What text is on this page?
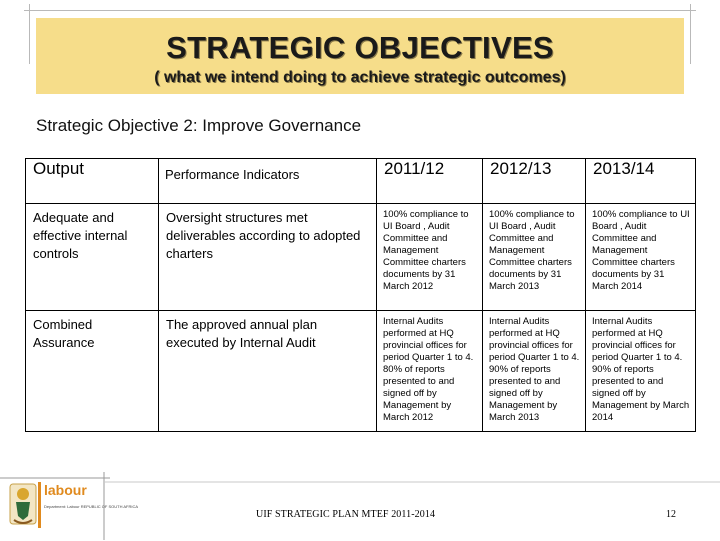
STRATEGIC OBJECTIVES
( what we intend doing to achieve strategic outcomes)
Strategic Objective 2: Improve Governance
Output	Performance Indicators	2011/12	2012/13	2013/14
Adequate and effective internal controls	Oversight structures met deliverables according to adopted charters	100% compliance to UI Board , Audit Committee and Management Committee charters documents by 31 March 2012	100% compliance to UI Board , Audit Committee and Management Committee charters documents by 31 March 2013	100% compliance to UI Board , Audit Committee and Management Committee charters documents by 31 March 2014
Combined Assurance	The approved annual plan executed by Internal Audit	Internal Audits performed at HQ provincial offices for period Quarter 1 to 4. 80% of reports presented to and signed off by Management by March 2012	Internal Audits performed at HQ provincial offices for period Quarter 1 to 4. 90% of reports presented to and signed off by Management by March 2013	Internal Audits performed at HQ provincial offices for period Quarter 1 to 4. 90% of reports presented to and signed off by Management by March 2014
labour
Department: Labour REPUBLIC OF SOUTH AFRICA
UIF STRATEGIC PLAN MTEF 2011-2014	12
